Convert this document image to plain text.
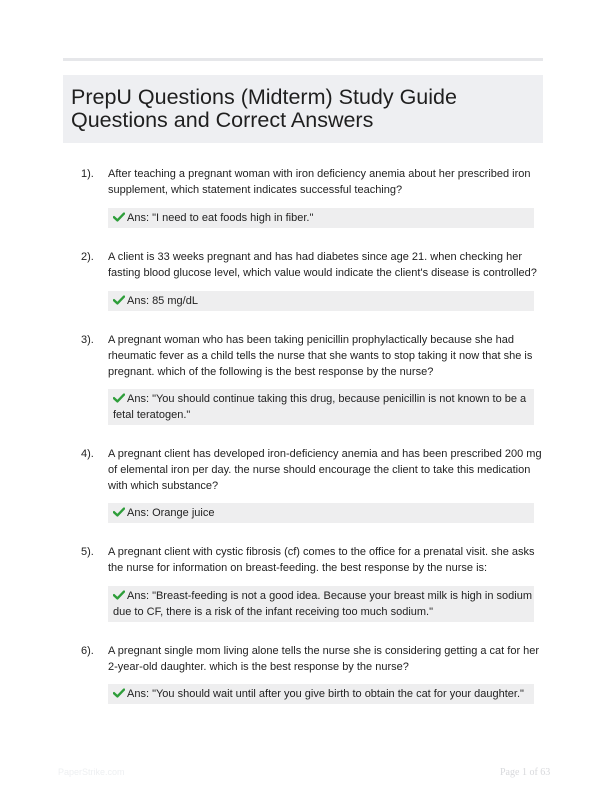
PrepU Questions (Midterm) Study Guide
Questions and Correct Answers
1). After teaching a pregnant woman with iron deficiency anemia about her prescribed iron
supplement, which statement indicates successful teaching?
Ans: "I need to eat foods high in fiber."
2). A client is 33 weeks pregnant and has had diabetes since age 21. when checking her
fasting blood glucose level, which value would indicate the client's disease is controlled?
Ans: 85 mg/dL
3). A pregnant woman who has been taking penicillin prophylactically because she had
rheumatic fever as a child tells the nurse that she wants to stop taking it now that she is
pregnant. which of the following is the best response by the nurse?
Ans: "You should continue taking this drug, because penicillin is not known to be a
fetal teratogen."
4). A pregnant client has developed iron-deficiency anemia and has been prescribed 200 mg
of elemental iron per day. the nurse should encourage the client to take this medication
with which substance?
Ans: Orange juice
5). A pregnant client with cystic fibrosis (cf) comes to the office for a prenatal visit. she asks
the nurse for information on breast-feeding. the best response by the nurse is:
Ans: "Breast-feeding is not a good idea. Because your breast milk is high in sodium
due to CF, there is a risk of the infant receiving too much sodium."
6). A pregnant single mom living alone tells the nurse she is considering getting a cat for her
2-year-old daughter. which is the best response by the nurse?
Ans: "You should wait until after you give birth to obtain the cat for your daughter."
PaperStrike.com	Page 1 of 63
